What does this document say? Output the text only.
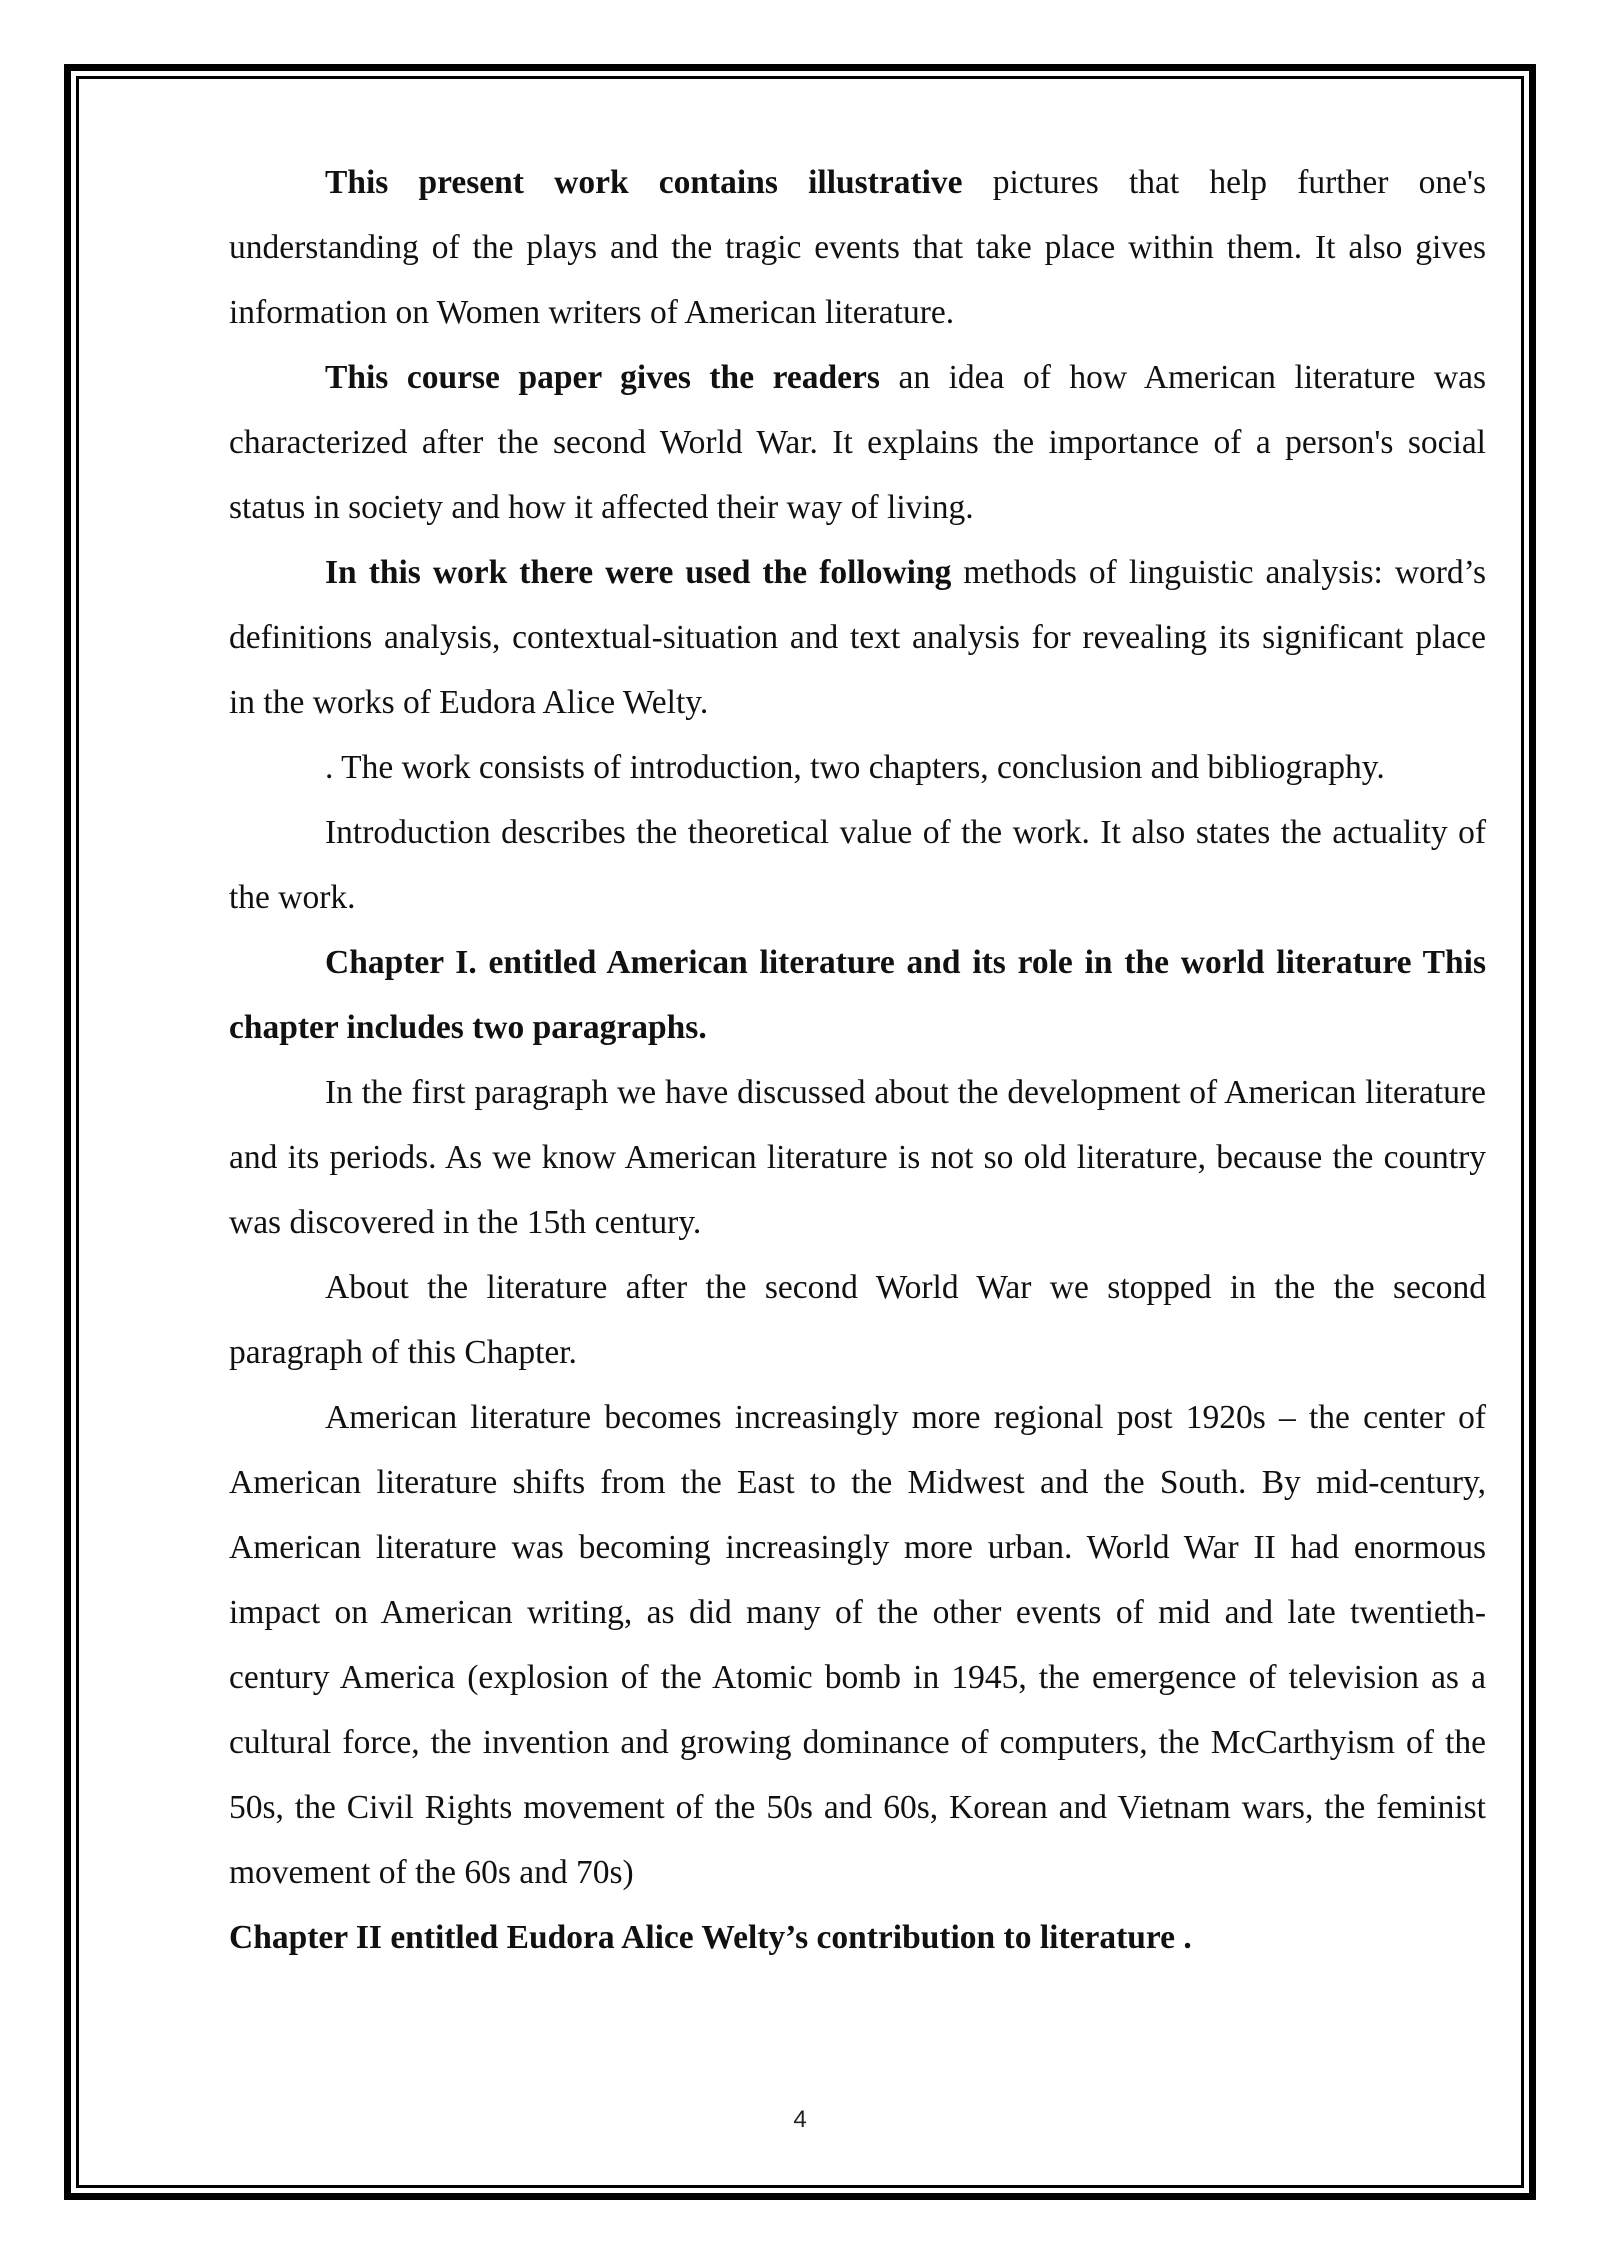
This present work contains illustrative pictures that help further one's understanding of the plays and the tragic events that take place within them. It also gives information on Women writers of American literature.

This course paper gives the readers an idea of how American literature was characterized after the second World War. It explains the importance of a person's social status in society and how it affected their way of living.

In this work there were used the following methods of linguistic analysis: word’s definitions analysis, contextual-situation and text analysis for revealing its significant place in the works of Eudora Alice Welty.

. The work consists of introduction, two chapters, conclusion and bibliography.

Introduction describes the theoretical value of the work. It also states the actuality of the work.

Chapter I. entitled American literature and its role in the world literature This chapter includes two paragraphs.

In the first paragraph we have discussed about the development of American literature and its periods. As we know American literature is not so old literature, because the country was discovered in the 15th century.

About the literature after the second World War we stopped in the the second paragraph of this Chapter.

American literature becomes increasingly more regional post 1920s – the center of American literature shifts from the East to the Midwest and the South. By mid-century, American literature was becoming increasingly more urban. World War II had enormous impact on American writing, as did many of the other events of mid and late twentieth-century America (explosion of the Atomic bomb in 1945, the emergence of television as a cultural force, the invention and growing dominance of computers, the McCarthyism of the 50s, the Civil Rights movement of the 50s and 60s, Korean and Vietnam wars, the feminist movement of the 60s and 70s)

Chapter II entitled Eudora Alice Welty’s contribution to literature .

4
